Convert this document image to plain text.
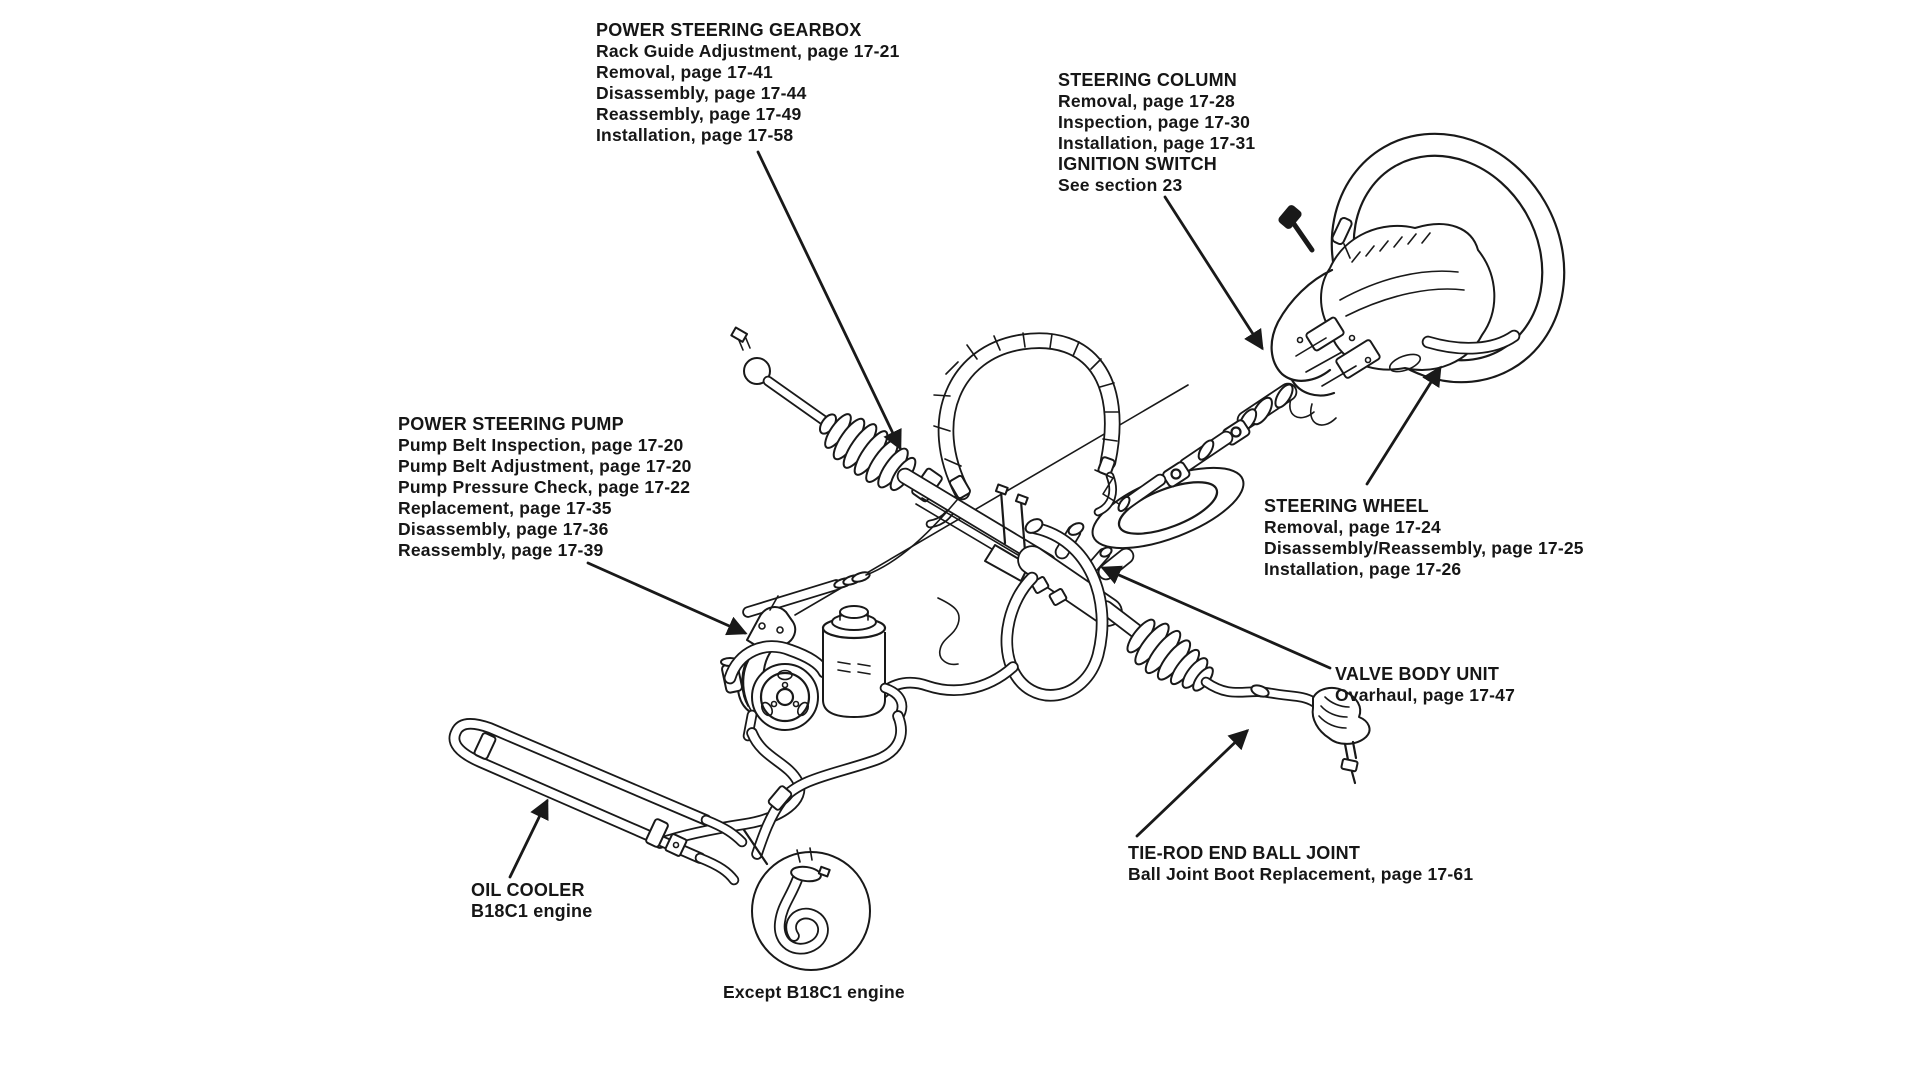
POWER STEERING GEARBOX
Rack Guide Adjustment, page 17-21
Removal, page 17-41
Disassembly, page 17-44
Reassembly, page 17-49
Installation, page 17-58
STEERING COLUMN
Removal, page 17-28
Inspection, page 17-30
Installation, page 17-31
IGNITION SWITCH
See section 23
POWER STEERING PUMP
Pump Belt Inspection, page 17-20
Pump Belt Adjustment, page 17-20
Pump Pressure Check, page 17-22
Replacement, page 17-35
Disassembly, page 17-36
Reassembly, page 17-39
STEERING WHEEL
Removal, page 17-24
Disassembly/Reassembly, page 17-25
Installation, page 17-26
VALVE BODY UNIT
Ovarhaul, page 17-47
TIE-ROD END BALL JOINT
Ball Joint Boot Replacement, page 17-61
OIL COOLER
B18C1 engine
Except B18C1 engine
